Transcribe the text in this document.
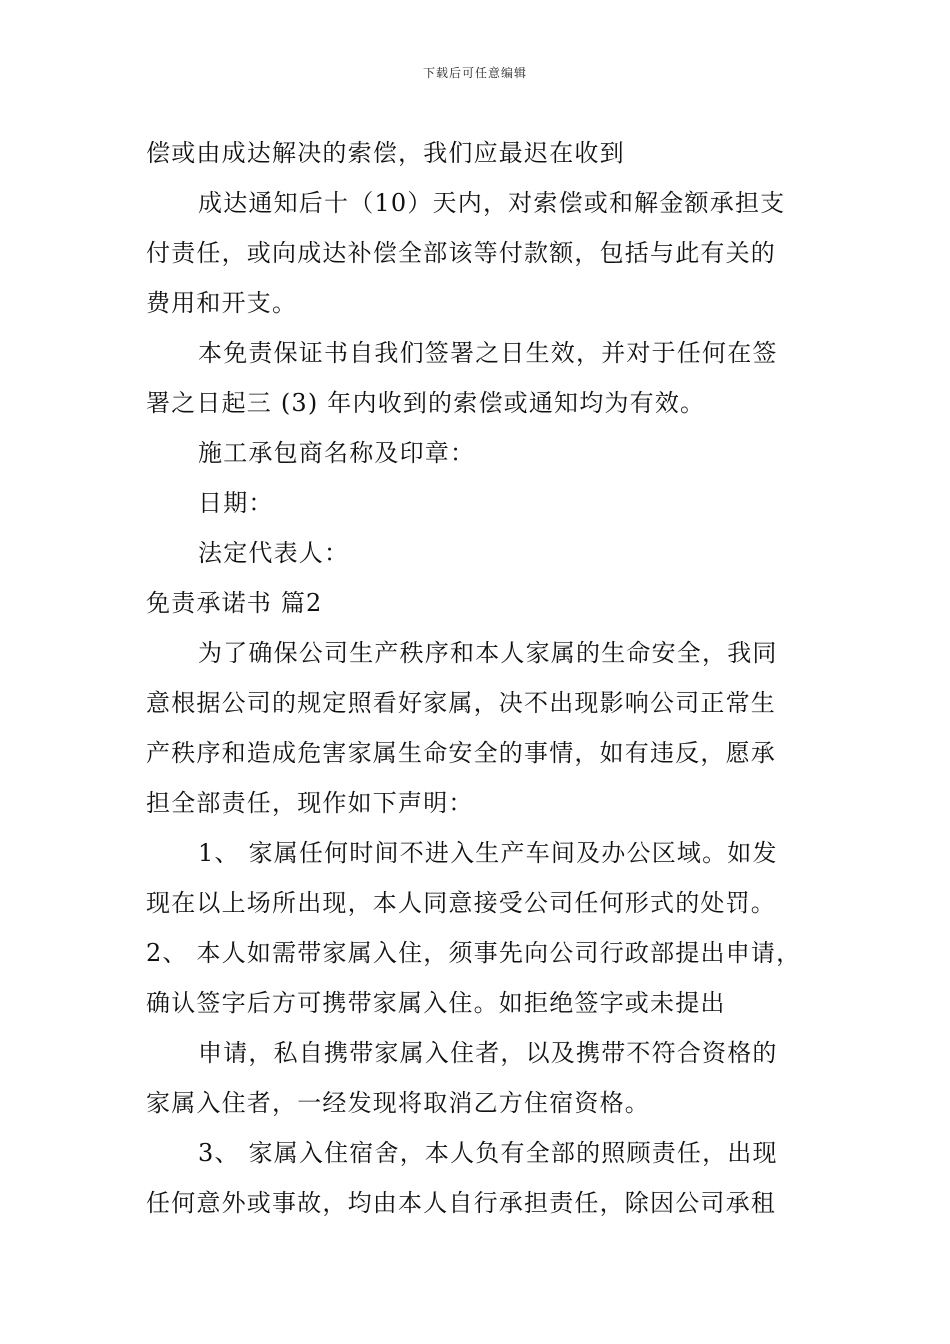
下载后可任意编辑
偿或由成达解决的索偿，我们应最迟在收到
成达通知后十（10）天内，对索偿或和解金额承担支
付责任，或向成达补偿全部该等付款额，包括与此有关的
费用和开支。
本免责保证书自我们签署之日生效，并对于任何在签
署之日起三 (3) 年内收到的索偿或通知均为有效。
施工承包商名称及印章：
日期：
法定代表人：
免责承诺书 篇2
为了确保公司生产秩序和本人家属的生命安全，我同
意根据公司的规定照看好家属，决不出现影响公司正常生
产秩序和造成危害家属生命安全的事情，如有违反，愿承
担全部责任，现作如下声明：
1、 家属任何时间不进入生产车间及办公区域。如发
现在以上场所出现，本人同意接受公司任何形式的处罚。
2、 本人如需带家属入住，须事先向公司行政部提出申请，
确认签字后方可携带家属入住。如拒绝签字或未提出
申请，私自携带家属入住者，以及携带不符合资格的
家属入住者，一经发现将取消乙方住宿资格。
3、 家属入住宿舍，本人负有全部的照顾责任，出现
任何意外或事故，均由本人自行承担责任，除因公司承租
